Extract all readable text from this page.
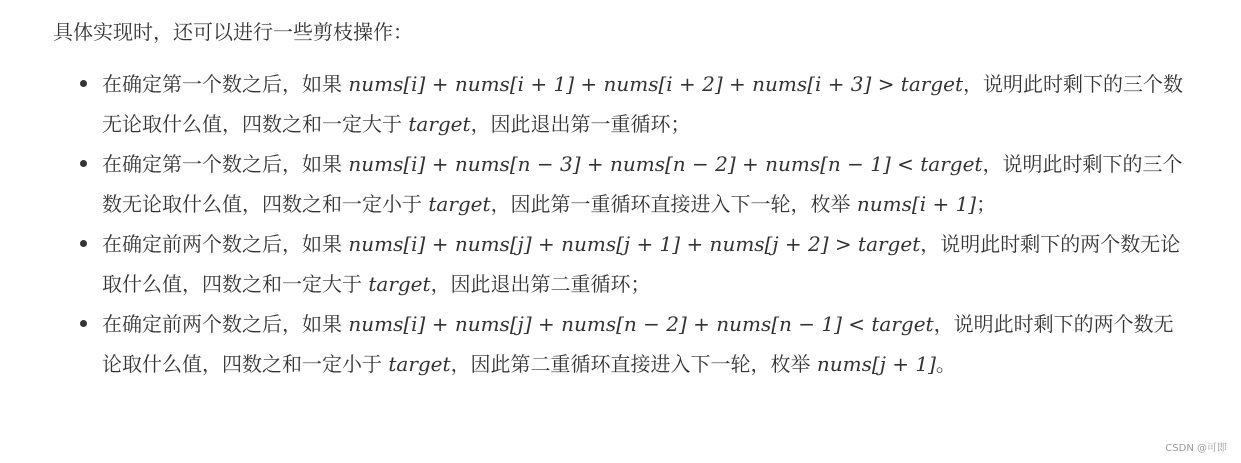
具体实现时，还可以进行一些剪枝操作：
在确定第一个数之后，如果 nums[i] + nums[i + 1] + nums[i + 2] + nums[i + 3] > target，说明此时剩下的三个数无论取什么值，四数之和一定大于 target，因此退出第一重循环；
在确定第一个数之后，如果 nums[i] + nums[n − 3] + nums[n − 2] + nums[n − 1] < target，说明此时剩下的三个数无论取什么值，四数之和一定小于 target，因此第一重循环直接进入下一轮，枚举 nums[i + 1]；
在确定前两个数之后，如果 nums[i] + nums[j] + nums[j + 1] + nums[j + 2] > target，说明此时剩下的两个数无论取什么值，四数之和一定大于 target，因此退出第二重循环；
在确定前两个数之后，如果 nums[i] + nums[j] + nums[n − 2] + nums[n − 1] < target，说明此时剩下的两个数无论取什么值，四数之和一定小于 target，因此第二重循环直接进入下一轮，枚举 nums[j + 1]。
CSDN @可即
